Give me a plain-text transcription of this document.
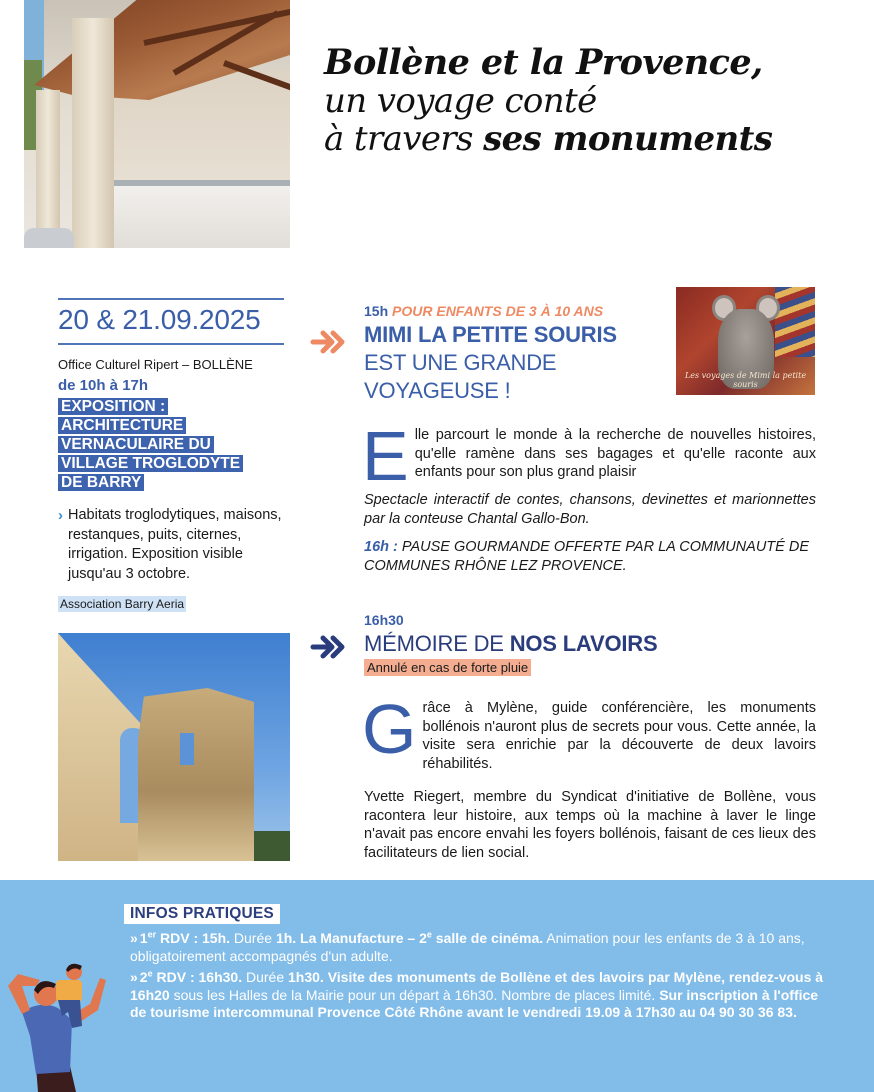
Bollène et la Provence,
un voyage conté
à travers ses monuments
20 & 21.09.2025
Office Culturel Ripert – BOLLÈNE
de 10h à 17h
EXPOSITION :
ARCHITECTURE
VERNACULAIRE DU
VILLAGE TROGLODYTE
DE BARRY
› Habitats troglodytiques, maisons, restanques, puits, citernes, irrigation. Exposition visible jusqu'au 3 octobre.
Association Barry Aeria
15h POUR ENFANTS DE 3 À 10 ANS
MIMI LA PETITE SOURIS
EST UNE GRANDE
VOYAGEUSE !
Les voyages de Mimi la petite souris
Elle parcourt le monde à la recherche de nouvelles histoires, qu'elle ramène dans ses bagages et qu'elle raconte aux enfants pour son plus grand plaisir
Spectacle interactif de contes, chansons, devinettes et marionnettes par la conteuse Chantal Gallo-Bon.
16h : PAUSE GOURMANDE OFFERTE PAR LA COMMUNAUTÉ DE COMMUNES RHÔNE LEZ PROVENCE.
16h30
MÉMOIRE DE NOS LAVOIRS
Annulé en cas de forte pluie
Grâce à Mylène, guide conférencière, les monuments bollénois n'auront plus de secrets pour vous. Cette année, la visite sera enrichie par la découverte de deux lavoirs réhabilités.
Yvette Riegert, membre du Syndicat d'initiative de Bollène, vous racontera leur histoire, aux temps où la machine à laver le linge n'avait pas encore envahi les foyers bollénois, faisant de ces lieux des facilitateurs de lien social.
INFOS PRATIQUES

» 1er RDV : 15h. Durée 1h. La Manufacture – 2e salle de cinéma. Animation pour les enfants de 3 à 10 ans, obligatoirement accompagnés d'un adulte.

» 2e RDV : 16h30. Durée 1h30. Visite des monuments de Bollène et des lavoirs par Mylène, rendez-vous à 16h20 sous les Halles de la Mairie pour un départ à 16h30. Nombre de places limité. Sur inscription à l'office de tourisme intercommunal Provence Côté Rhône avant le vendredi 19.09 à 17h30 au 04 90 30 36 83.
